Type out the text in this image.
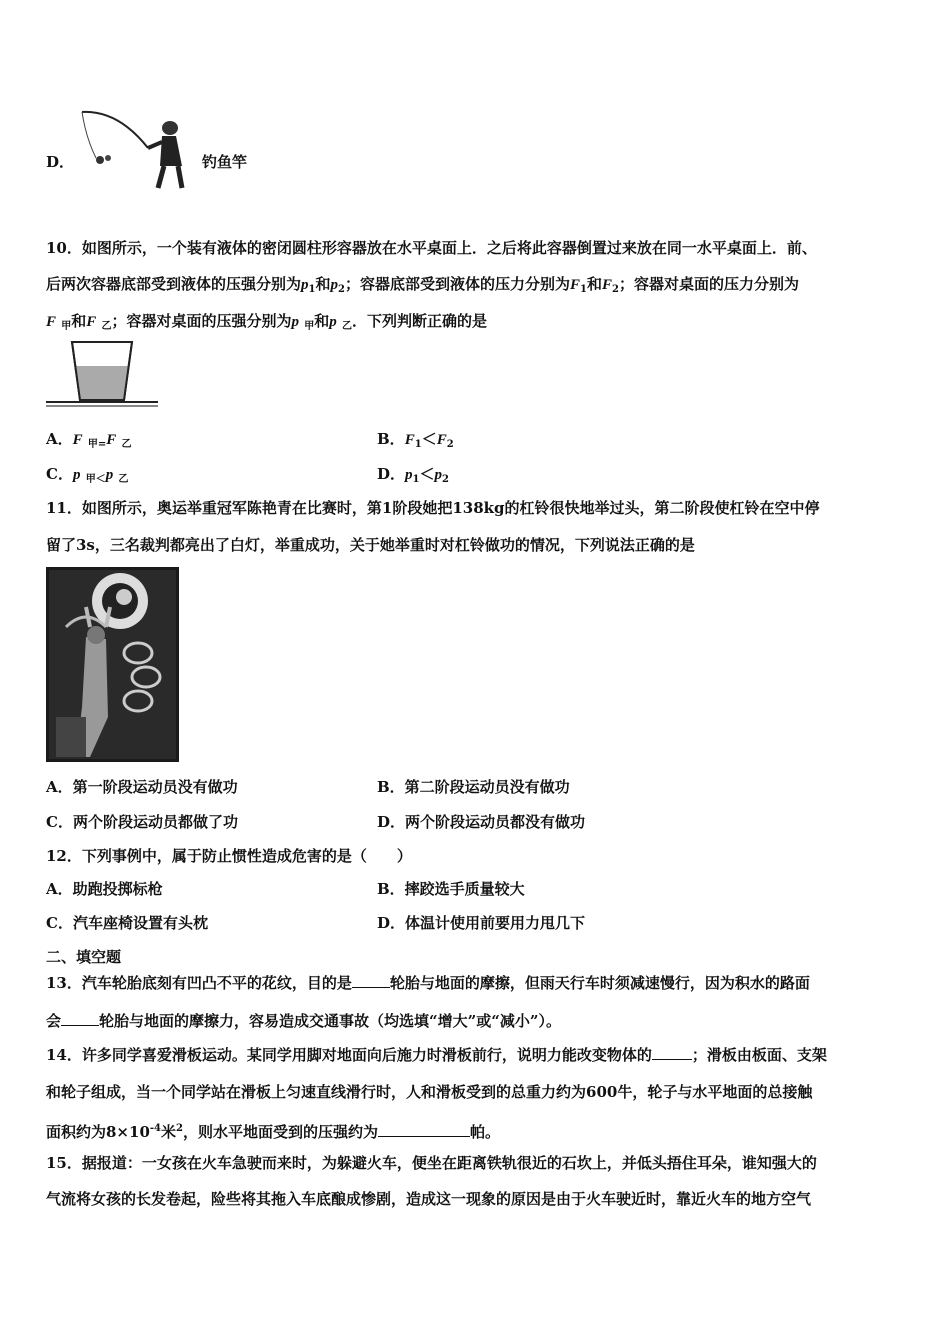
D．	钓鱼竿
10．如图所示，一个装有液体的密闭圆柱形容器放在水平桌面上．之后将此容器倒置过来放在同一水平桌面上．前、
后两次容器底部受到液体的压强分别为$p_1$和$p_2$；容器底部受到液体的压力分别为$F_1$和$F_2$；容器对桌面的压力分别为
F $_甲$和F $_乙$；容器对桌面的压强分别为p $_甲$和p $_乙$．下列判断正确的是
A．F $_{甲=}$F $_乙$	B．$F_1<F_2$
C．p $_{甲<}$p $_乙$	D．$p_1<p_2$
11．如图所示，奥运举重冠军陈艳青在比赛时，第1阶段她把138kg的杠铃很快地举过头，第二阶段使杠铃在空中停
留了3s，三名裁判都亮出了白灯，举重成功，关于她举重时对杠铃做功的情况，下列说法正确的是
A．第一阶段运动员没有做功	B．第二阶段运动员没有做功
C．两个阶段运动员都做了功	D．两个阶段运动员都没有做功
12．下列事例中，属于防止惯性造成危害的是（　　）
A．助跑投掷标枪	B．摔跤选手质量较大
C．汽车座椅设置有头枕	D．体温计使用前要用力甩几下
二、填空题
13．汽车轮胎底刻有凹凸不平的花纹，目的是	轮胎与地面的摩擦，但雨天行车时须减速慢行，因为积水的路面
会	轮胎与地面的摩擦力，容易造成交通事故（均选填“增大”或“减小”）。
14．许多同学喜爱滑板运动。某同学用脚对地面向后施力时滑板前行，说明力能改变物体的	；滑板由板面、支架
和轮子组成，当一个同学站在滑板上匀速直线滑行时，人和滑板受到的总重力约为600牛，轮子与水平地面的总接触
面积约为$8\times 10^{-4}$米$^2$，则水平地面受到的压强约为	帕。
15．据报道：一女孩在火车急驶而来时，为躲避火车，便坐在距离铁轨很近的石坎上，并低头捂住耳朵，谁知强大的
气流将女孩的长发卷起，险些将其拖入车底酿成惨剧，造成这一现象的原因是由于火车驶近时，靠近火车的地方空气
